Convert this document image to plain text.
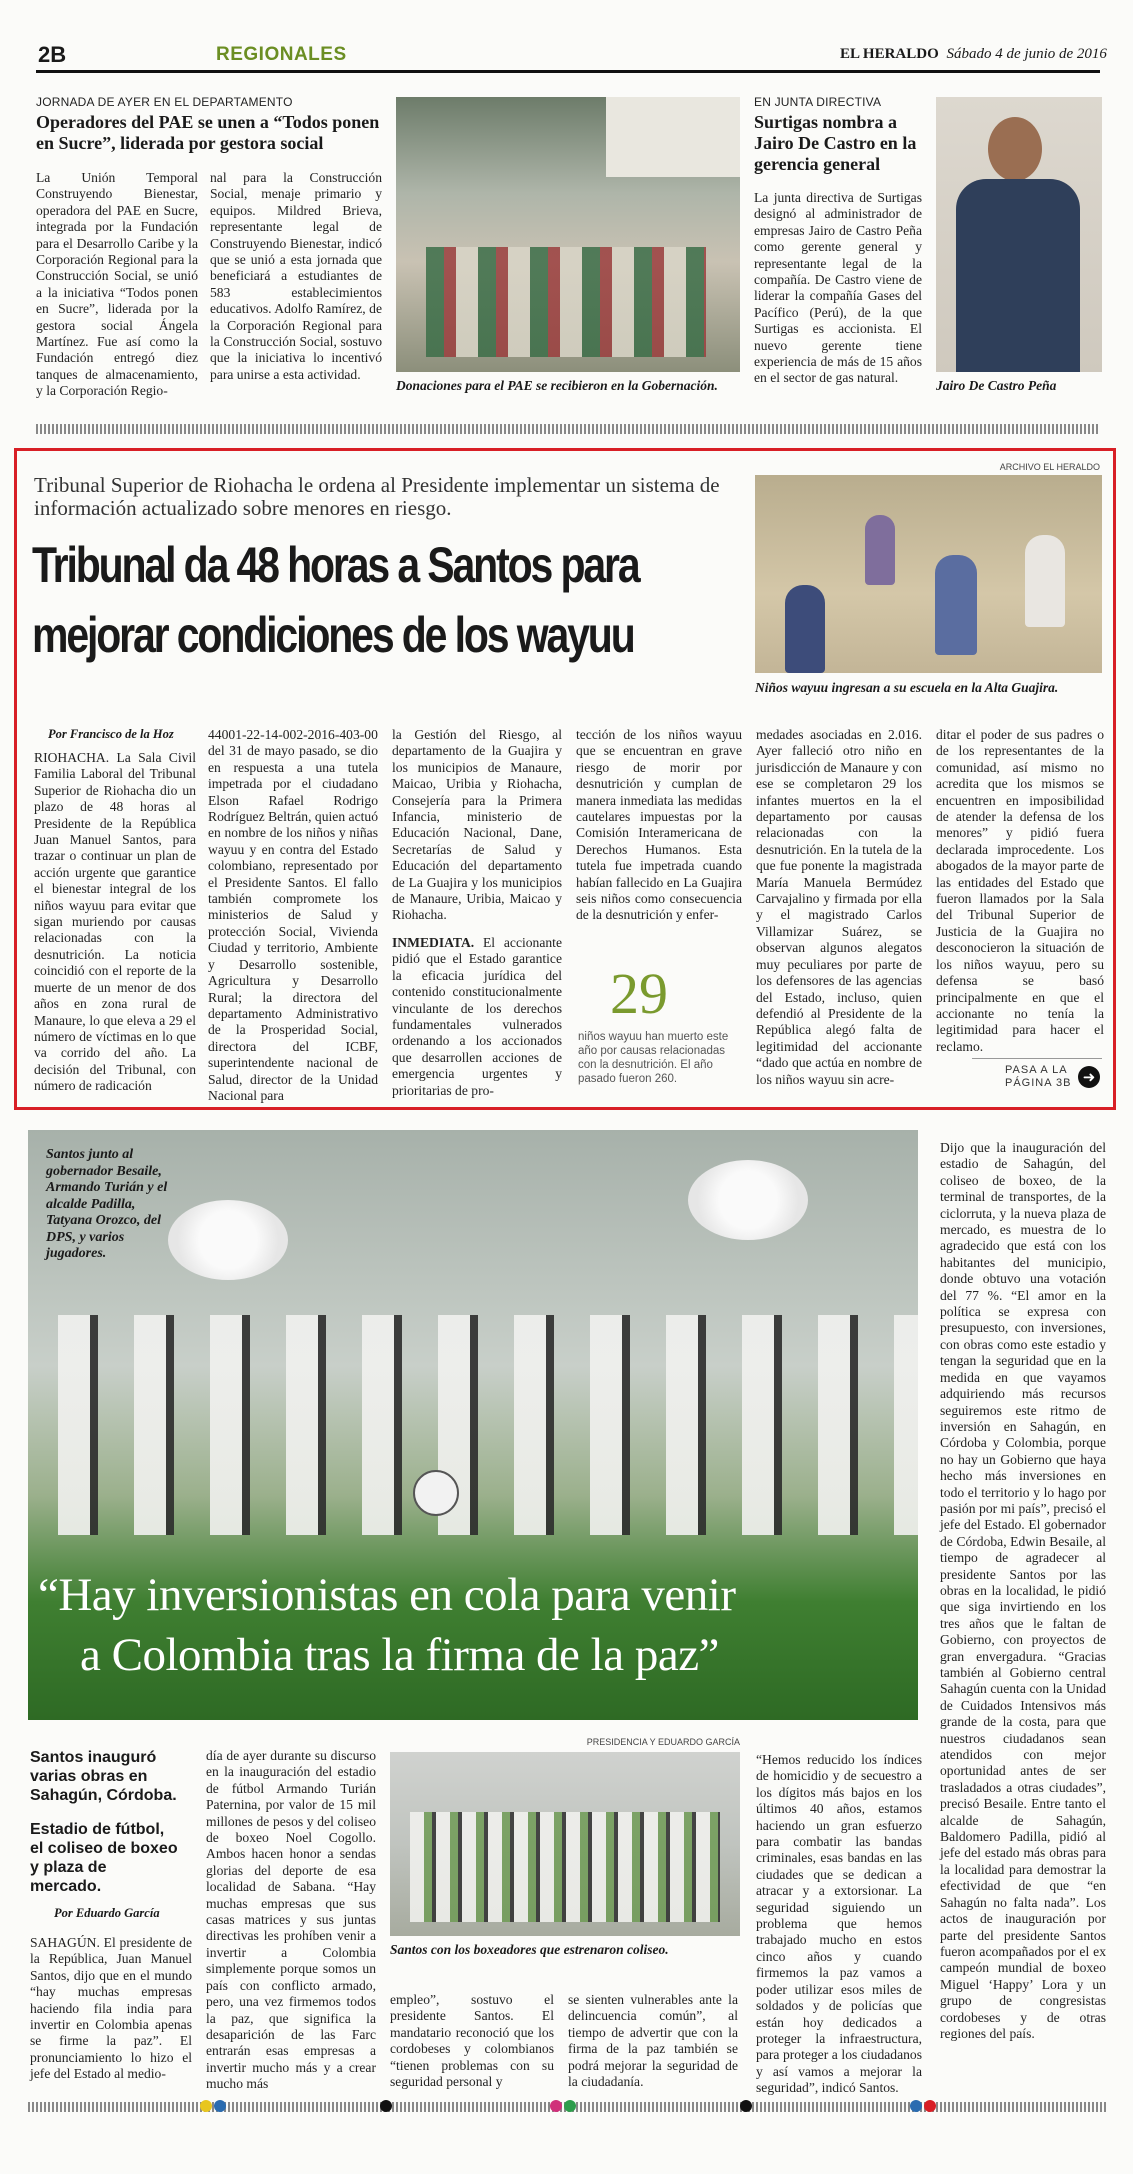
2B	REGIONALES	EL HERALDO Sábado 4 de junio de 2016
JORNADA DE AYER EN EL DEPARTAMENTO
Operadores del PAE se unen a “Todos ponen en Sucre”, liderada por gestora social
La Unión Temporal Construyendo Bienestar, operadora del PAE en Sucre, integrada por la Fundación para el Desarrollo Caribe y la Corporación Regional para la Construcción Social, se unió a la iniciativa “Todos ponen en Sucre”, liderada por la gestora social Ángela Martínez. Fue así como la Fundación entregó diez tanques de almacenamiento, y la Corporación Regio-
nal para la Construcción Social, menaje primario y equipos. Mildred Brieva, representante legal de Construyendo Bienestar, indicó que se unió a esta jornada que beneficiará a estudiantes de 583 establecimientos educativos. Adolfo Ramírez, de la Corporación Regional para la Construcción Social, sostuvo que la iniciativa lo incentivó para unirse a esta actividad.
Donaciones para el PAE se recibieron en la Gobernación.
EN JUNTA DIRECTIVA
Surtigas nombra a Jairo De Castro en la gerencia general
La junta directiva de Surtigas designó al administrador de empresas Jairo de Castro Peña como gerente general y representante legal de la compañía. De Castro viene de liderar la compañía Gases del Pacífico (Perú), de la que Surtigas es accionista. El nuevo gerente tiene experiencia de más de 15 años en el sector de gas natural.
Jairo De Castro Peña
Tribunal Superior de Riohacha le ordena al Presidente implementar un sistema de información actualizado sobre menores en riesgo.
Tribunal da 48 horas a Santos para
mejorar condiciones de los wayuu
ARCHIVO EL HERALDO
Niños wayuu ingresan a su escuela en la Alta Guajira.
Por Francisco de la Hoz
RIOHACHA. La Sala Civil Familia Laboral del Tribunal Superior de Riohacha dio un plazo de 48 horas al Presidente de la República Juan Manuel Santos, para trazar o continuar un plan de acción urgente que garantice el bienestar integral de los niños wayuu para evitar que sigan muriendo por causas relacionadas con la desnutrición. La noticia coincidió con el reporte de la muerte de un menor de dos años en zona rural de Manaure, lo que eleva a 29 el número de víctimas en lo que va corrido del año. La decisión del Tribunal, con número de radicación
44001-22-14-002-2016-403-00 del 31 de mayo pasado, se dio en respuesta a una tutela impetrada por el ciudadano Elson Rafael Rodrigo Rodríguez Beltrán, quien actuó en nombre de los niños y niñas wayuu y en contra del Estado colombiano, representado por el Presidente Santos. El fallo también compromete los ministerios de Salud y protección Social, Vivienda Ciudad y territorio, Ambiente y Desarrollo sostenible, Agricultura y Desarrollo Rural; la directora del departamento Administrativo de la Prosperidad Social, directora del ICBF, superintendente nacional de Salud, director de la Unidad Nacional para
la Gestión del Riesgo, al departamento de la Guajira y los municipios de Manaure, Maicao, Uribia y Riohacha, Consejería para la Primera Infancia, ministerio de Educación Nacional, Dane, Secretarías de Salud y Educación del departamento de La Guajira y los municipios de Manaure, Uribia, Maicao y Riohacha.
INMEDIATA. El accionante pidió que el Estado garantice la eficacia jurídica del contenido constitucionalmente vinculante de los derechos fundamentales vulnerados ordenando a los accionados que desarrollen acciones de emergencia urgentes y prioritarias de pro-
tección de los niños wayuu que se encuentran en grave riesgo de morir por desnutrición y cumplan de manera inmediata las medidas cautelares impuestas por la Comisión Interamericana de Derechos Humanos. Esta tutela fue impetrada cuando habían fallecido en La Guajira seis niños como consecuencia de la desnutrición y enfer-
29
niños wayuu han muerto este año por causas relacionadas con la desnutrición. El año pasado fueron 260.
medades asociadas en 2.016. Ayer falleció otro niño en jurisdicción de Manaure y con ese se completaron 29 los infantes muertos en la el departamento por causas relacionadas con la desnutrición. En la tutela de la que fue ponente la magistrada María Manuela Bermúdez Carvajalino y firmada por ella y el magistrado Carlos Villamizar Suárez, se observan algunos alegatos muy peculiares por parte de los defensores de las agencias del Estado, incluso, quien defendió al Presidente de la República alegó falta de legitimidad del accionante “dado que actúa en nombre de los niños wayuu sin acre-
ditar el poder de sus padres o de los representantes de la comunidad, así mismo no acredita que los mismos se encuentren en imposibilidad de atender la defensa de los menores” y pidió fuera declarada improcedente. Los abogados de la mayor parte de las entidades del Estado que fueron llamados por la Sala del Tribunal Superior de Justicia de la Guajira no desconocieron la situación de los niños wayuu, pero su defensa se basó principalmente en que el accionante no tenía la legitimidad para hacer el reclamo.
PASA A LA
PÁGINA 3B ➜
Santos junto al gobernador Besaile, Armando Turián y el alcalde Padilla, Tatyana Orozco, del DPS, y varios jugadores.
“Hay inversionistas en cola para venir
a Colombia tras la firma de la paz”
Dijo que la inauguración del estadio de Sahagún, del coliseo de boxeo, de la terminal de transportes, de la ciclorruta, y la nueva plaza de mercado, es muestra de lo agradecido que está con los habitantes del municipio, donde obtuvo una votación del 77 %. “El amor en la política se expresa con presupuesto, con inversiones, con obras como este estadio y tengan la seguridad que en la medida en que vayamos adquiriendo más recursos seguiremos este ritmo de inversión en Sahagún, en Córdoba y Colombia, porque no hay un Gobierno que haya hecho más inversiones en todo el territorio y lo hago por pasión por mi país”, precisó el jefe del Estado. El gobernador de Córdoba, Edwin Besaile, al tiempo de agradecer al presidente Santos por las obras en la localidad, le pidió que siga invirtiendo en los tres años que le faltan de Gobierno, con proyectos de gran envergadura. “Gracias también al Gobierno central Sahagún cuenta con la Unidad de Cuidados Intensivos más grande de la costa, para que nuestros ciudadanos sean atendidos con mejor oportunidad antes de ser trasladados a otras ciudades”, precisó Besaile. Entre tanto el alcalde de Sahagún, Baldomero Padilla, pidió al jefe del estado más obras para la localidad para demostrar la efectividad de que “en Sahagún no falta nada”. Los actos de inauguración por parte del presidente Santos fueron acompañados por el ex campeón mundial de boxeo Miguel ‘Happy’ Lora y un grupo de congresistas cordobeses y de otras regiones del país.
Santos inauguró varias obras en Sahagún, Córdoba.
Estadio de fútbol, el coliseo de boxeo y plaza de mercado.
Por Eduardo García
SAHAGÚN. El presidente de la República, Juan Manuel Santos, dijo que en el mundo “hay muchas empresas haciendo fila india para invertir en Colombia apenas se firme la paz”. El pronunciamiento lo hizo el jefe del Estado al medio-
día de ayer durante su discurso en la inauguración del estadio de fútbol Armando Turián Paternina, por valor de 15 mil millones de pesos y del coliseo de boxeo Noel Cogollo. Ambos hacen honor a sendas glorias del deporte de esa localidad de Sabana. “Hay muchas empresas que sus casas matrices y sus juntas directivas les prohíben venir a invertir a Colombia simplemente porque somos un país con conflicto armado, pero, una vez firmemos todos la paz, que significa la desaparición de las Farc entrarán esas empresas a invertir mucho más y a crear mucho más
PRESIDENCIA Y EDUARDO GARCÍA
Santos con los boxeadores que estrenaron coliseo.
empleo”, sostuvo el presidente Santos. El mandatario reconoció que los cordobeses y colombianos “tienen problemas con su seguridad personal y
se sienten vulnerables ante la delincuencia común”, al tiempo de advertir que con la firma de la paz también se podrá mejorar la seguridad de la ciudadanía.
“Hemos reducido los índices de homicidio y de secuestro a los dígitos más bajos en los últimos 40 años, estamos haciendo un gran esfuerzo para combatir las bandas criminales, esas bandas en las ciudades que se dedican a atracar y a extorsionar. La seguridad siguiendo un problema que hemos trabajado mucho en estos cinco años y cuando firmemos la paz vamos a poder utilizar esos miles de soldados y de policías que están hoy dedicados a proteger la infraestructura, para proteger a los ciudadanos y así vamos a mejorar la seguridad”, indicó Santos.
